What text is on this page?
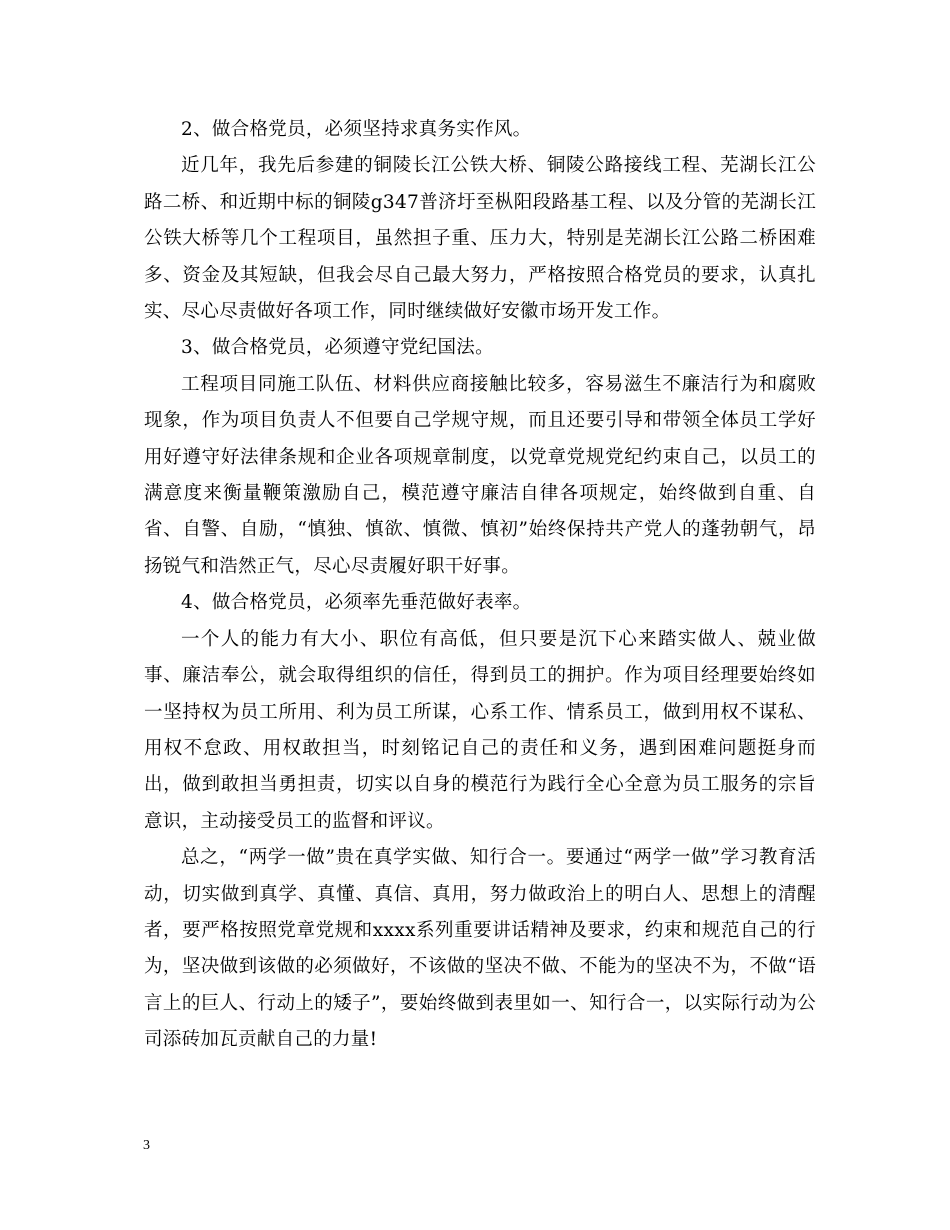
2、做合格党员，必须坚持求真务实作风。

近几年，我先后参建的铜陵长江公铁大桥、铜陵公路接线工程、芜湖长江公路二桥、和近期中标的铜陵g347普济圩至枞阳段路基工程、以及分管的芜湖长江公铁大桥等几个工程项目，虽然担子重、压力大，特别是芜湖长江公路二桥困难多、资金及其短缺，但我会尽自己最大努力，严格按照合格党员的要求，认真扎实、尽心尽责做好各项工作，同时继续做好安徽市场开发工作。

3、做合格党员，必须遵守党纪国法。

工程项目同施工队伍、材料供应商接触比较多，容易滋生不廉洁行为和腐败现象，作为项目负责人不但要自己学规守规，而且还要引导和带领全体员工学好用好遵守好法律条规和企业各项规章制度，以党章党规党纪约束自己，以员工的满意度来衡量鞭策激励自己，模范遵守廉洁自律各项规定，始终做到自重、自省、自警、自励，“慎独、慎欲、慎微、慎初”始终保持共产党人的蓬勃朝气，昂扬锐气和浩然正气，尽心尽责履好职干好事。

4、做合格党员，必须率先垂范做好表率。

一个人的能力有大小、职位有高低，但只要是沉下心来踏实做人、兢业做事、廉洁奉公，就会取得组织的信任，得到员工的拥护。作为项目经理要始终如一坚持权为员工所用、利为员工所谋，心系工作、情系员工，做到用权不谋私、用权不怠政、用权敢担当，时刻铭记自己的责任和义务，遇到困难问题挺身而出，做到敢担当勇担责，切实以自身的模范行为践行全心全意为员工服务的宗旨意识，主动接受员工的监督和评议。

总之，“两学一做”贵在真学实做、知行合一。要通过“两学一做”学习教育活动，切实做到真学、真懂、真信、真用，努力做政治上的明白人、思想上的清醒者，要严格按照党章党规和xxxx系列重要讲话精神及要求，约束和规范自己的行为，坚决做到该做的必须做好，不该做的坚决不做、不能为的坚决不为，不做“语言上的巨人、行动上的矮子”，要始终做到表里如一、知行合一，以实际行动为公司添砖加瓦贡献自己的力量!

3
